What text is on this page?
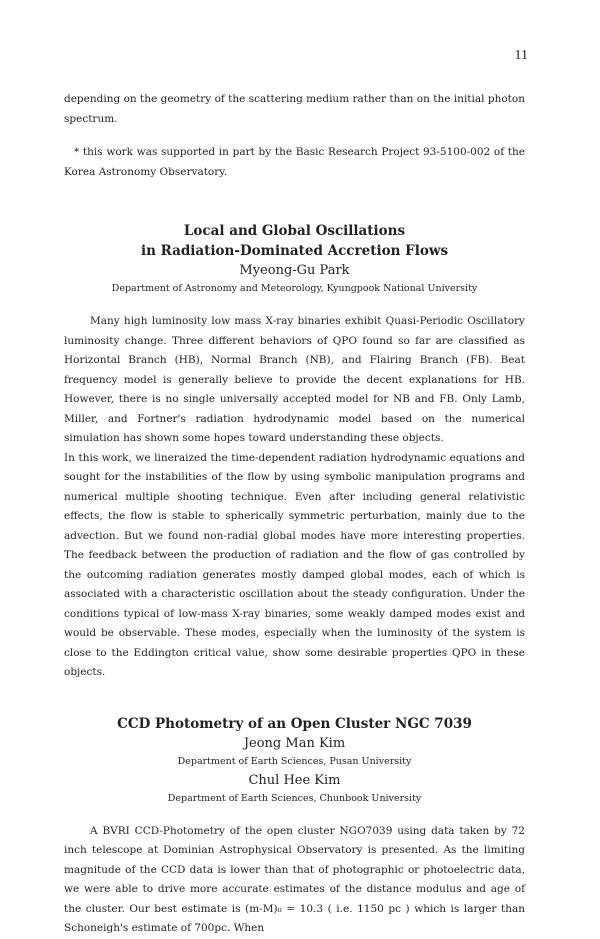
11

depending on the geometry of the scattering medium rather than on the initial photon spectrum.

* this work was supported in part by the Basic Research Project 93-5100-002 of the Korea Astronomy Observatory.

Local and Global Oscillations

in Radiation-Dominated Accretion Flows

Myeong-Gu Park

Department of Astronomy and Meteorology, Kyungpook National University

Many high luminosity low mass X-ray binaries exhibit Quasi-Periodic Oscillatory luminosity change. Three different behaviors of QPO found so far are classified as Horizontal Branch (HB), Normal Branch (NB), and Flairing Branch (FB). Beat frequency model is generally believe to provide the decent explanations for HB. However, there is no single universally accepted model for NB and FB. Only Lamb, Miller, and Fortner's radiation hydrodynamic model based on the numerical simulation has shown some hopes toward understanding these objects.

In this work, we lineraized the time-dependent radiation hydrodynamic equations and sought for the instabilities of the flow by using symbolic manipulation programs and numerical multiple shooting technique. Even after including general relativistic effects, the flow is stable to spherically symmetric perturbation, mainly due to the advection. But we found non-radial global modes have more interesting properties. The feedback between the production of radiation and the flow of gas controlled by the outcoming radiation generates mostly damped global modes, each of which is associated with a characteristic oscillation about the steady configuration. Under the conditions typical of low-mass X-ray binaries, some weakly damped modes exist and would be observable. These modes, especially when the luminosity of the system is close to the Eddington critical value, show some desirable properties QPO in these objects.

CCD Photometry of an Open Cluster NGC 7039

Jeong Man Kim

Department of Earth Sciences, Pusan University

Chul Hee Kim

Department of Earth Sciences, Chunbook University

A BVRI CCD-Photometry of the open cluster NGO7039 using data taken by 72 inch telescope at Dominian Astrophysical Observatory is presented. As the limiting magnitude of the CCD data is lower than that of photographic or photoelectric data, we were able to drive more accurate estimates of the distance modulus and age of the cluster. Our best estimate is (m-M)₀ = 10.3 ( i.e. 1150 pc ) which is larger than Schoneigh's estimate of 700pc. When
